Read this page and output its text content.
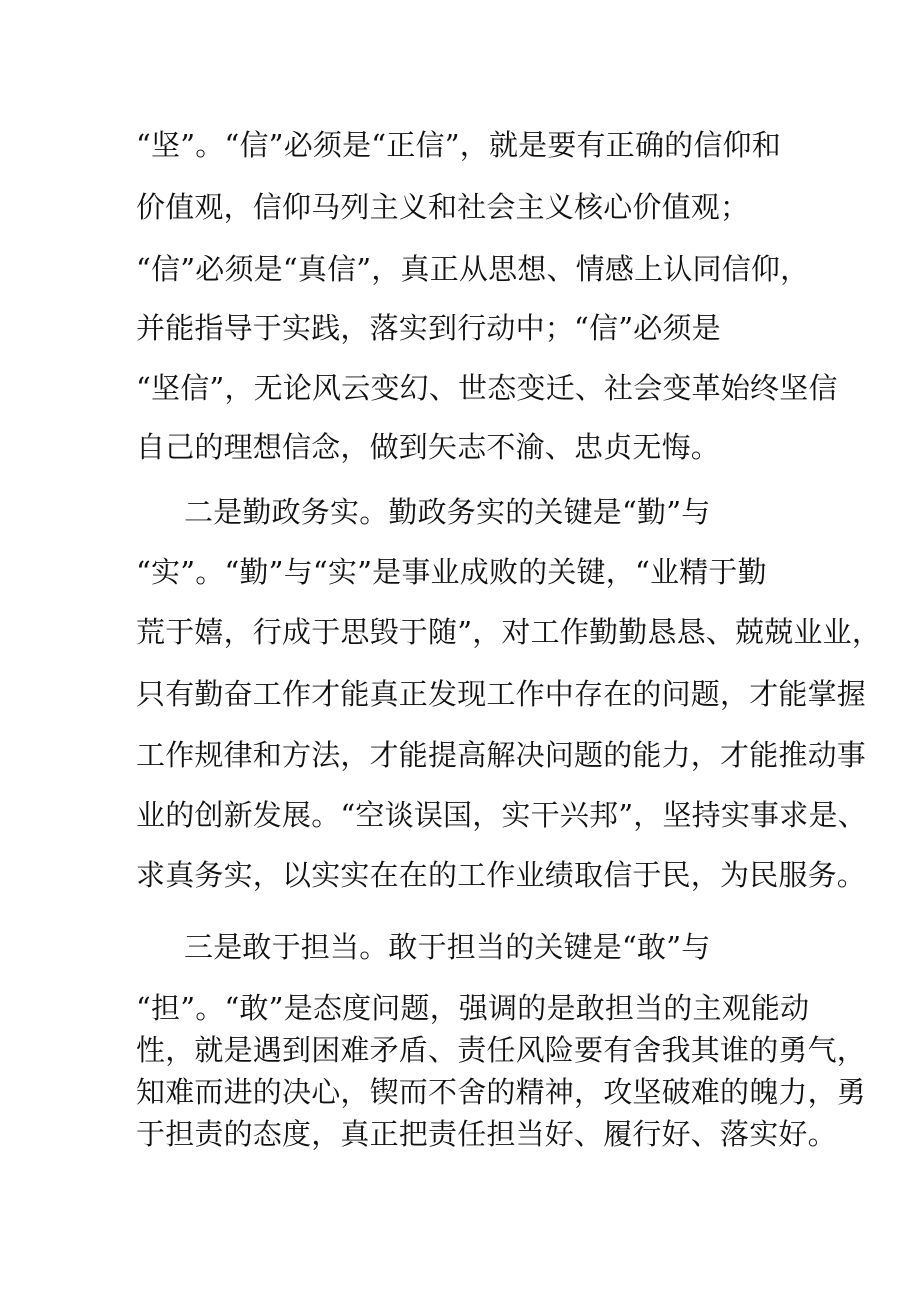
“坚”。“信”必须是“正信”，就是要有正确的信仰和
价值观，信仰马列主义和社会主义核心价值观；
“信”必须是“真信”，真正从思想、情感上认同信仰，
并能指导于实践，落实到行动中；“信”必须是
“坚信”，无论风云变幻、世态变迁、社会变革始终坚信
自己的理想信念，做到矢志不渝、忠贞无悔。
二是勤政务实。勤政务实的关键是“勤”与
“实”。“勤”与“实”是事业成败的关键，“业精于勤
荒于嬉，行成于思毁于随”，对工作勤勤恳恳、兢兢业业，
只有勤奋工作才能真正发现工作中存在的问题，才能掌握
工作规律和方法，才能提高解决问题的能力，才能推动事
业的创新发展。“空谈误国，实干兴邦”，坚持实事求是、
求真务实，以实实在在的工作业绩取信于民，为民服务。
三是敢于担当。敢于担当的关键是“敢”与
“担”。“敢”是态度问题，强调的是敢担当的主观能动
性，就是遇到困难矛盾、责任风险要有舍我其谁的勇气，
知难而进的决心，锲而不舍的精神，攻坚破难的魄力，勇
于担责的态度，真正把责任担当好、履行好、落实好。
